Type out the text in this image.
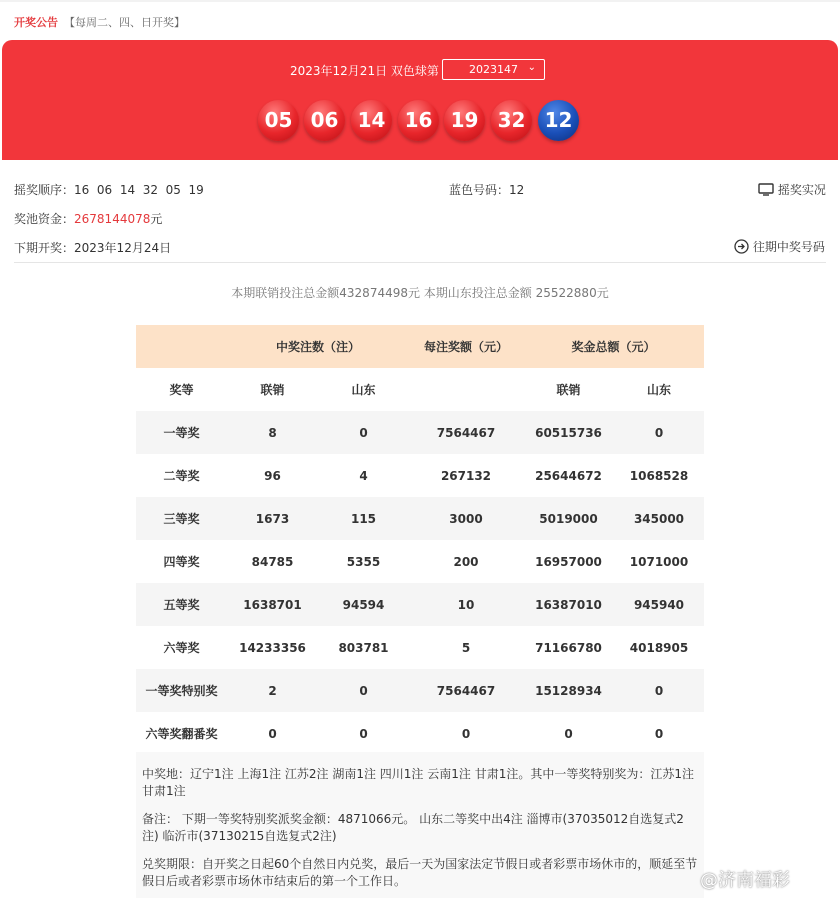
开奖公告 【每周二、四、日开奖】
2023年12月21日 双色球第	2023147 ⌄
05 06 14 16 19 32 12
摇奖顺序：16  06  14  32  05  19	蓝色号码：12	摇奖实况
奖池资金：2678144078元
下期开奖：2023年12月24日	往期中奖号码
本期联销投注总金额432874498元 本期山东投注总金额 25522880元
	中奖注数（注）		每注奖额（元）	奖金总额（元）	
奖等	联销	山东		联销	山东
一等奖	8	0	7564467	60515736	0
二等奖	96	4	267132	25644672	1068528
三等奖	1673	115	3000	5019000	345000
四等奖	84785	5355	200	16957000	1071000
五等奖	1638701	94594	10	16387010	945940
六等奖	14233356	803781	5	71166780	4018905
一等奖特别奖	2	0	7564467	15128934	0
六等奖翻番奖	0	0	0	0	0
中奖地：辽宁1注 上海1注 江苏2注 湖南1注 四川1注 云南1注 甘肃1注。其中一等奖特别奖为：江苏1注 甘肃1注
备注： 下期一等奖特别奖派奖金额：4871066元。 山东二等奖中出4注 淄博市(37035012自选复式2注) 临沂市(37130215自选复式2注)
兑奖期限：自开奖之日起60个自然日内兑奖，最后一天为国家法定节假日或者彩票市场休市的，顺延至节假日后或者彩票市场休市结束后的第一个工作日。	@济南福彩
